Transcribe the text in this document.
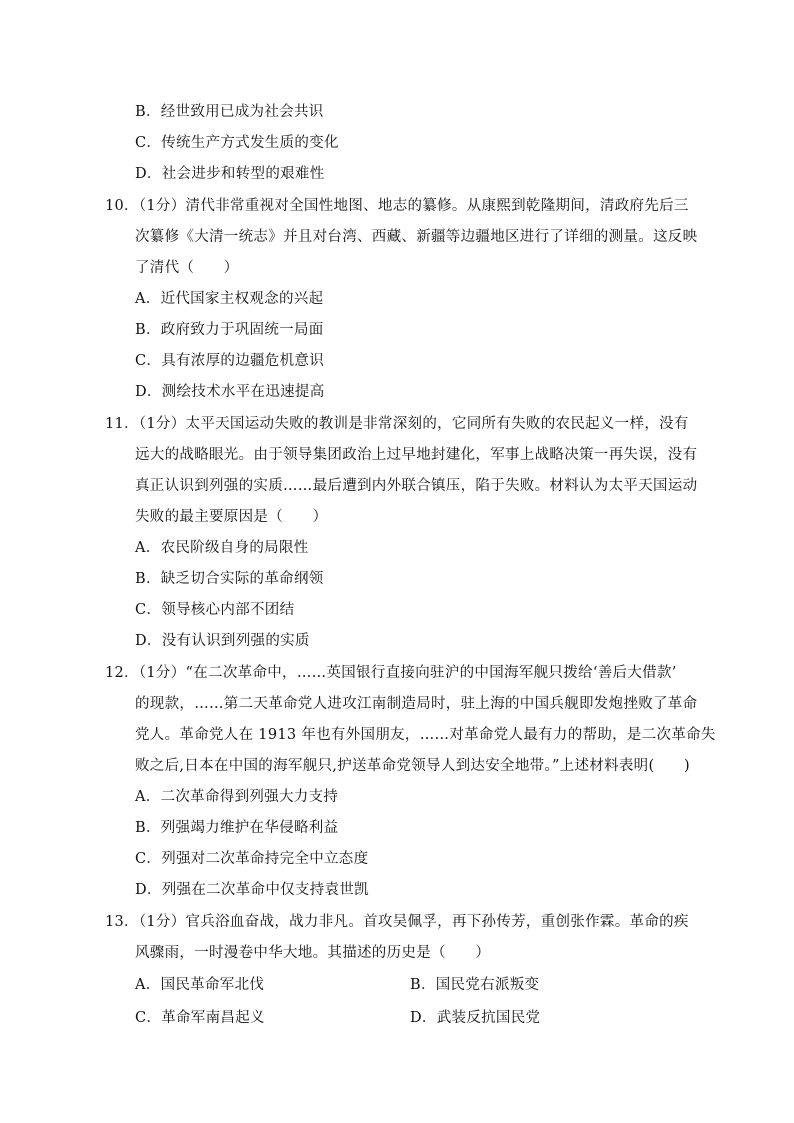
B．经世致用已成为社会共识
C．传统生产方式发生质的变化
D．社会进步和转型的艰难性
10．（1分）清代非常重视对全国性地图、地志的纂修。从康熙到乾隆期间，清政府先后三
次纂修《大清一统志》并且对台湾、西藏、新疆等边疆地区进行了详细的测量。这反映
了清代（　　）
A．近代国家主权观念的兴起
B．政府致力于巩固统一局面
C．具有浓厚的边疆危机意识
D．测绘技术水平在迅速提高
11．（1分）太平天国运动失败的教训是非常深刻的，它同所有失败的农民起义一样，没有
远大的战略眼光。由于领导集团政治上过早地封建化，军事上战略决策一再失误，没有
真正认识到列强的实质……最后遭到内外联合镇压，陷于失败。材料认为太平天国运动
失败的最主要原因是（　　）
A．农民阶级自身的局限性
B．缺乏切合实际的革命纲领
C．领导核心内部不团结
D．没有认识到列强的实质
12．（1分）“在二次革命中，……英国银行直接向驻沪的中国海军舰只拨给‘善后大借款’
的现款，……第二天革命党人进攻江南制造局时，驻上海的中国兵舰即发炮挫败了革命
党人。革命党人在 1913 年也有外国朋友，……对革命党人最有力的帮助，是二次革命失
败之后,日本在中国的海军舰只,护送革命党领导人到达安全地带。”上述材料表明(　　)
A．二次革命得到列强大力支持
B．列强竭力维护在华侵略利益
C．列强对二次革命持完全中立态度
D．列强在二次革命中仅支持袁世凯
13．（1分）官兵浴血奋战，战力非凡。首攻吴佩孚，再下孙传芳，重创张作霖。革命的疾
风骤雨，一时漫卷中华大地。其描述的历史是（　　）
A．国民革命军北伐	B．国民党右派叛变
C．革命军南昌起义	D．武装反抗国民党
